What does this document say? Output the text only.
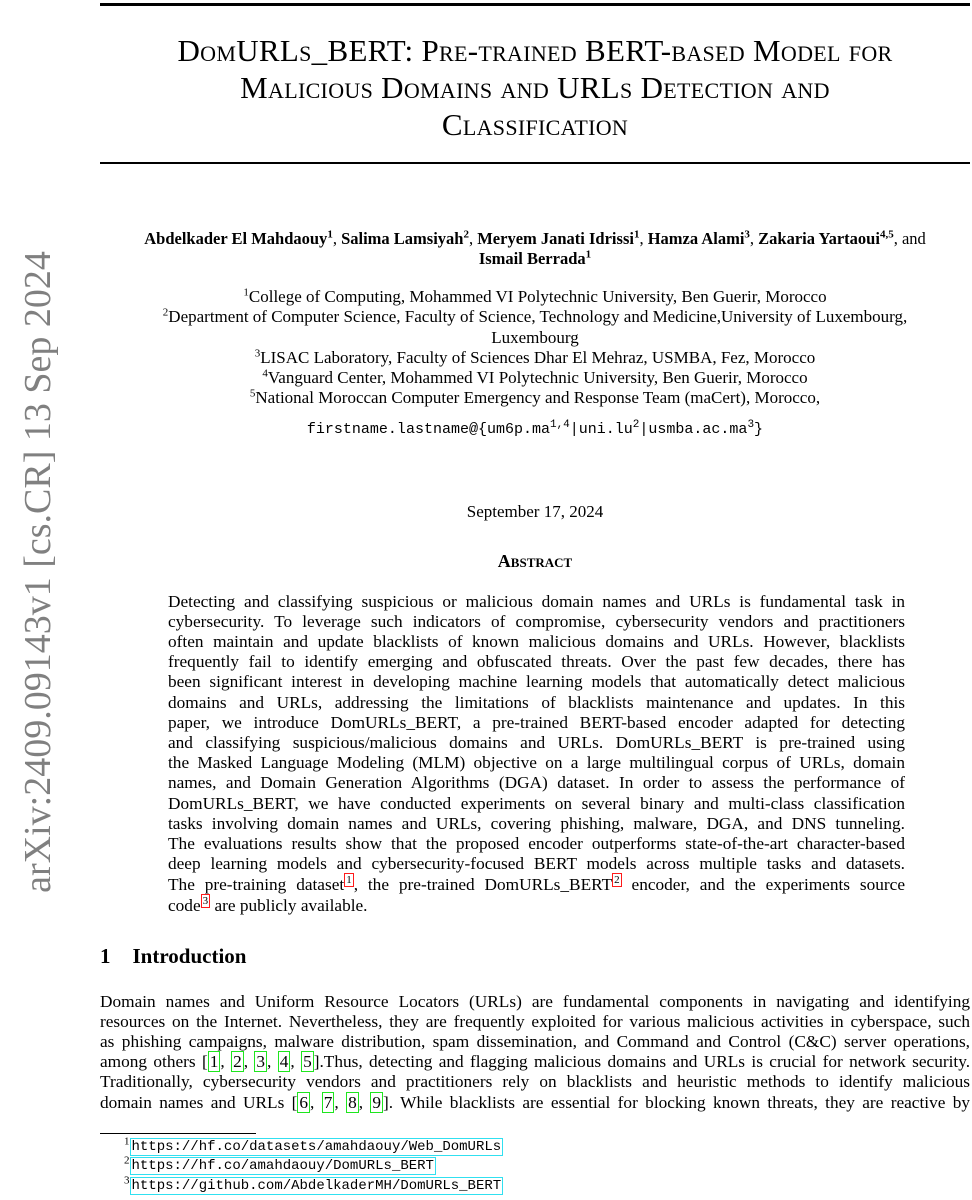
arXiv:2409.09143v1 [cs.CR] 13 Sep 2024
DomURLs_BERT: Pre-trained BERT-based Model for
Malicious Domains and URLs Detection and
Classification
Abdelkader El Mahdaouy$^1$, Salima Lamsiyah$^2$, Meryem Janati Idrissi$^1$, Hamza Alami$^3$, Zakaria Yartaoui$^{4,5}$, and
Ismail Berrada$^1$
$^1$College of Computing, Mohammed VI Polytechnic University, Ben Guerir, Morocco
$^2$Department of Computer Science, Faculty of Science, Technology and Medicine,University of Luxembourg,
Luxembourg
$^3$LISAC Laboratory, Faculty of Sciences Dhar El Mehraz, USMBA, Fez, Morocco
$^4$Vanguard Center, Mohammed VI Polytechnic University, Ben Guerir, Morocco
$^5$National Moroccan Computer Emergency and Response Team (maCert), Morocco,
$firstname.lastname@\{um6p.ma^{1,4}|uni.lu^2|usmba.ac.ma^3\}$
September 17, 2024
Abstract
Detecting and classifying suspicious or malicious domain names and URLs is fundamental task in
cybersecurity. To leverage such indicators of compromise, cybersecurity vendors and practitioners
often maintain and update blacklists of known malicious domains and URLs. However, blacklists
frequently fail to identify emerging and obfuscated threats. Over the past few decades, there has
been significant interest in developing machine learning models that automatically detect malicious
domains and URLs, addressing the limitations of blacklists maintenance and updates. In this
paper, we introduce DomURLs_BERT, a pre-trained BERT-based encoder adapted for detecting
and classifying suspicious/malicious domains and URLs. DomURLs_BERT is pre-trained using
the Masked Language Modeling (MLM) objective on a large multilingual corpus of URLs, domain
names, and Domain Generation Algorithms (DGA) dataset. In order to assess the performance of
DomURLs_BERT, we have conducted experiments on several binary and multi-class classification
tasks involving domain names and URLs, covering phishing, malware, DGA, and DNS tunneling.
The evaluations results show that the proposed encoder outperforms state-of-the-art character-based
deep learning models and cybersecurity-focused BERT models across multiple tasks and datasets.
The pre-training dataset $^1$ , the pre-trained DomURLs_BERT $^2$ encoder, and the experiments source
code $^3$ are publicly available.
1 Introduction
Domain names and Uniform Resource Locators (URLs) are fundamental components in navigating and identifying
resources on the Internet. Nevertheless, they are frequently exploited for various malicious activities in cyberspace, such
as phishing campaigns, malware distribution, spam dissemination, and Command and Control (C&C) server operations,
among others [ 1 , 2 , 3 , 4 , 5 ].Thus, detecting and flagging malicious domains and URLs is crucial for network security.
Traditionally, cybersecurity vendors and practitioners rely on blacklists and heuristic methods to identify malicious
domain names and URLs [ 6 , 7 , 8 , 9 ]. While blacklists are essential for blocking known threats, they are reactive by
$^1$ https://hf.co/datasets/amahdaouy/Web_DomURLs
$^2$ https://hf.co/amahdaouy/DomURLs_BERT
$^3$ https://github.com/AbdelkaderMH/DomURLs_BERT
